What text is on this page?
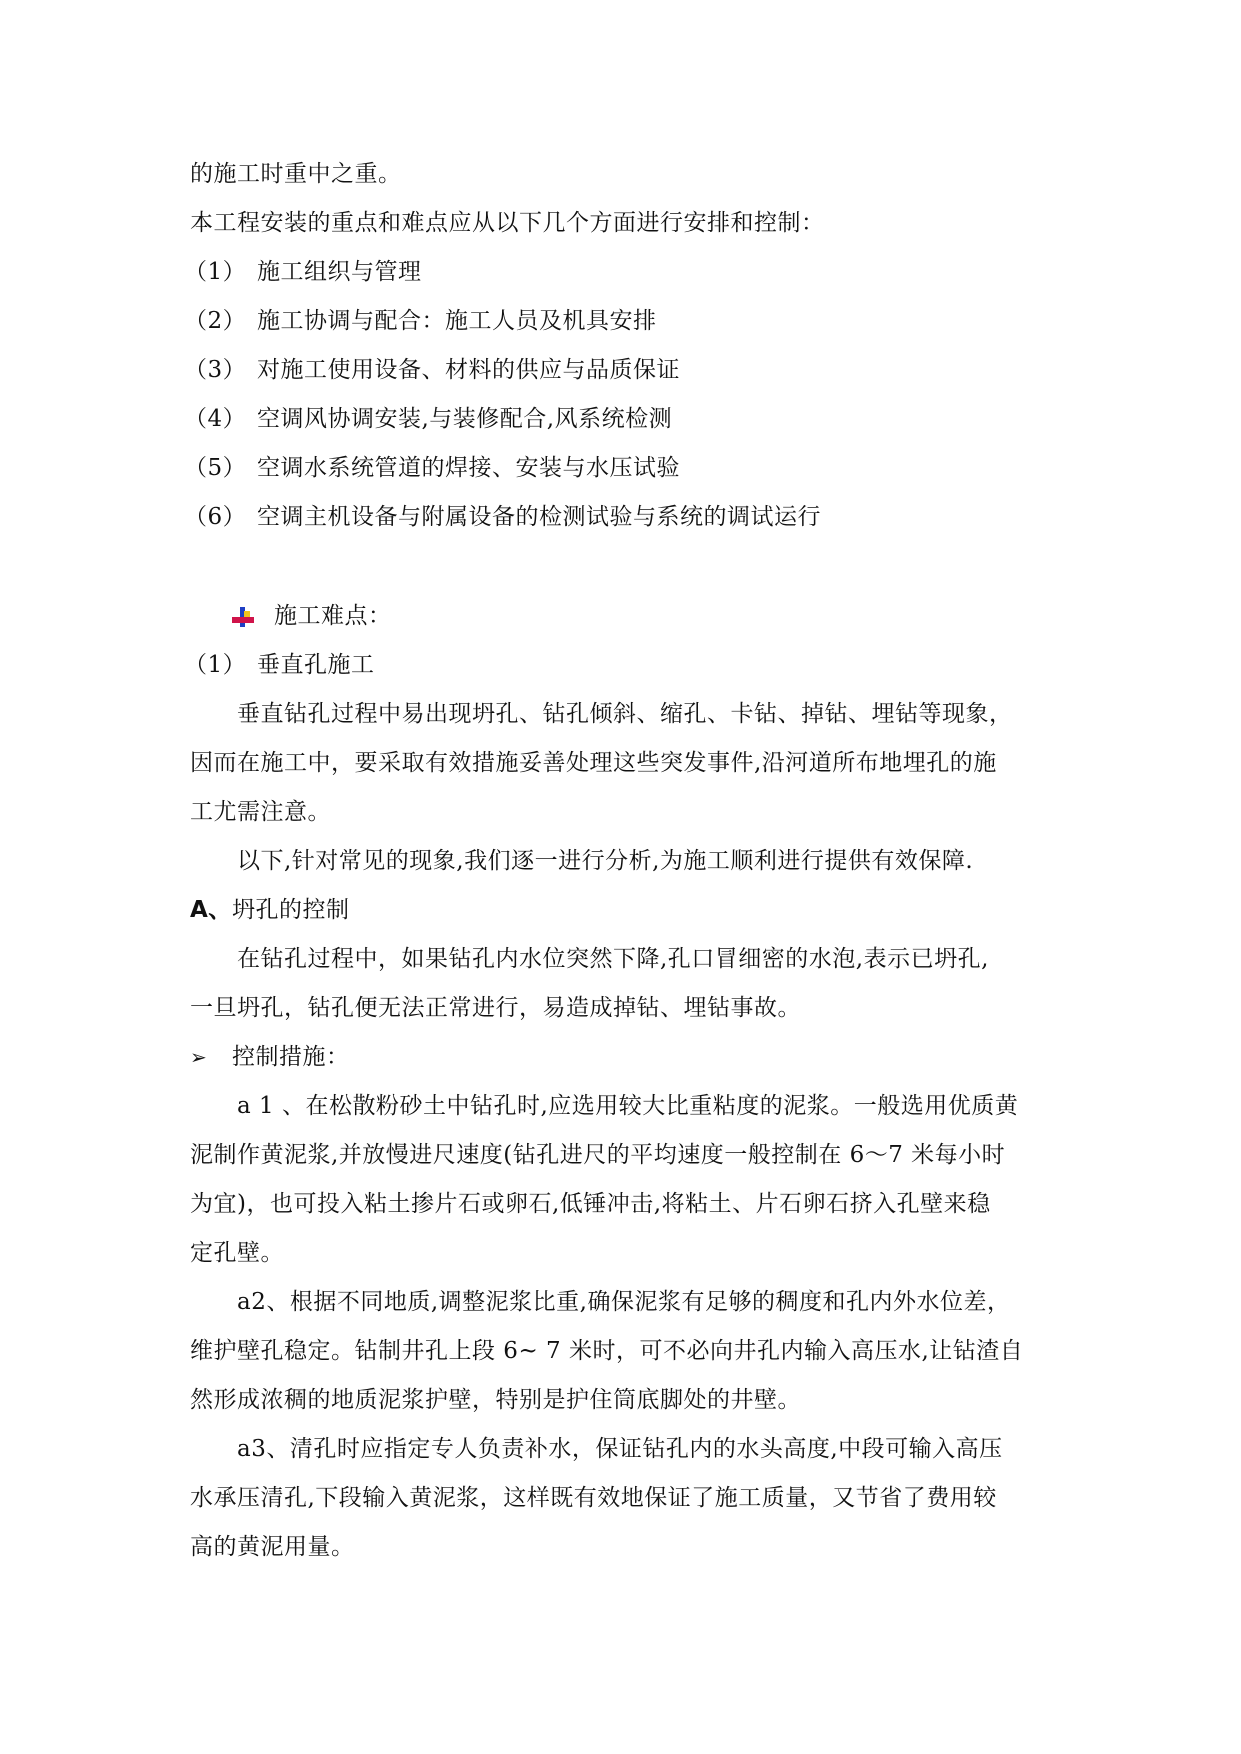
的施工时重中之重。
本工程安装的重点和难点应从以下几个方面进行安排和控制：
（1） 施工组织与管理
（2） 施工协调与配合：施工人员及机具安排
（3） 对施工使用设备、材料的供应与品质保证
（4） 空调风协调安装,与装修配合,风系统检测
（5） 空调水系统管道的焊接、安装与水压试验
（6） 空调主机设备与附属设备的检测试验与系统的调试运行
施工难点：
（1） 垂直孔施工
垂直钻孔过程中易出现坍孔、钻孔倾斜、缩孔、卡钻、掉钻、埋钻等现象，
因而在施工中，要采取有效措施妥善处理这些突发事件,沿河道所布地埋孔的施
工尤需注意。
以下,针对常见的现象,我们逐一进行分析,为施工顺利进行提供有效保障.
A、 坍孔的控制
在钻孔过程中，如果钻孔内水位突然下降,孔口冒细密的水泡,表示已坍孔,
一旦坍孔，钻孔便无法正常进行，易造成掉钻、埋钻事故。
➢	控制措施：
a 1 、在松散粉砂土中钻孔时,应选用较大比重粘度的泥浆。一般选用优质黄
泥制作黄泥浆,并放慢进尺速度(钻孔进尺的平均速度一般控制在 6～7 米每小时
为宜)，也可投入粘土掺片石或卵石,低锤冲击,将粘土、片石卵石挤入孔壁来稳
定孔壁。
a2、根据不同地质,调整泥浆比重,确保泥浆有足够的稠度和孔内外水位差，
维护壁孔稳定。钻制井孔上段 6~ 7 米时，可不必向井孔内输入高压水,让钻渣自
然形成浓稠的地质泥浆护壁，特别是护住筒底脚处的井壁。
a3、清孔时应指定专人负责补水，保证钻孔内的水头高度,中段可输入高压
水承压清孔,下段输入黄泥浆，这样既有效地保证了施工质量，又节省了费用较
高的黄泥用量。
